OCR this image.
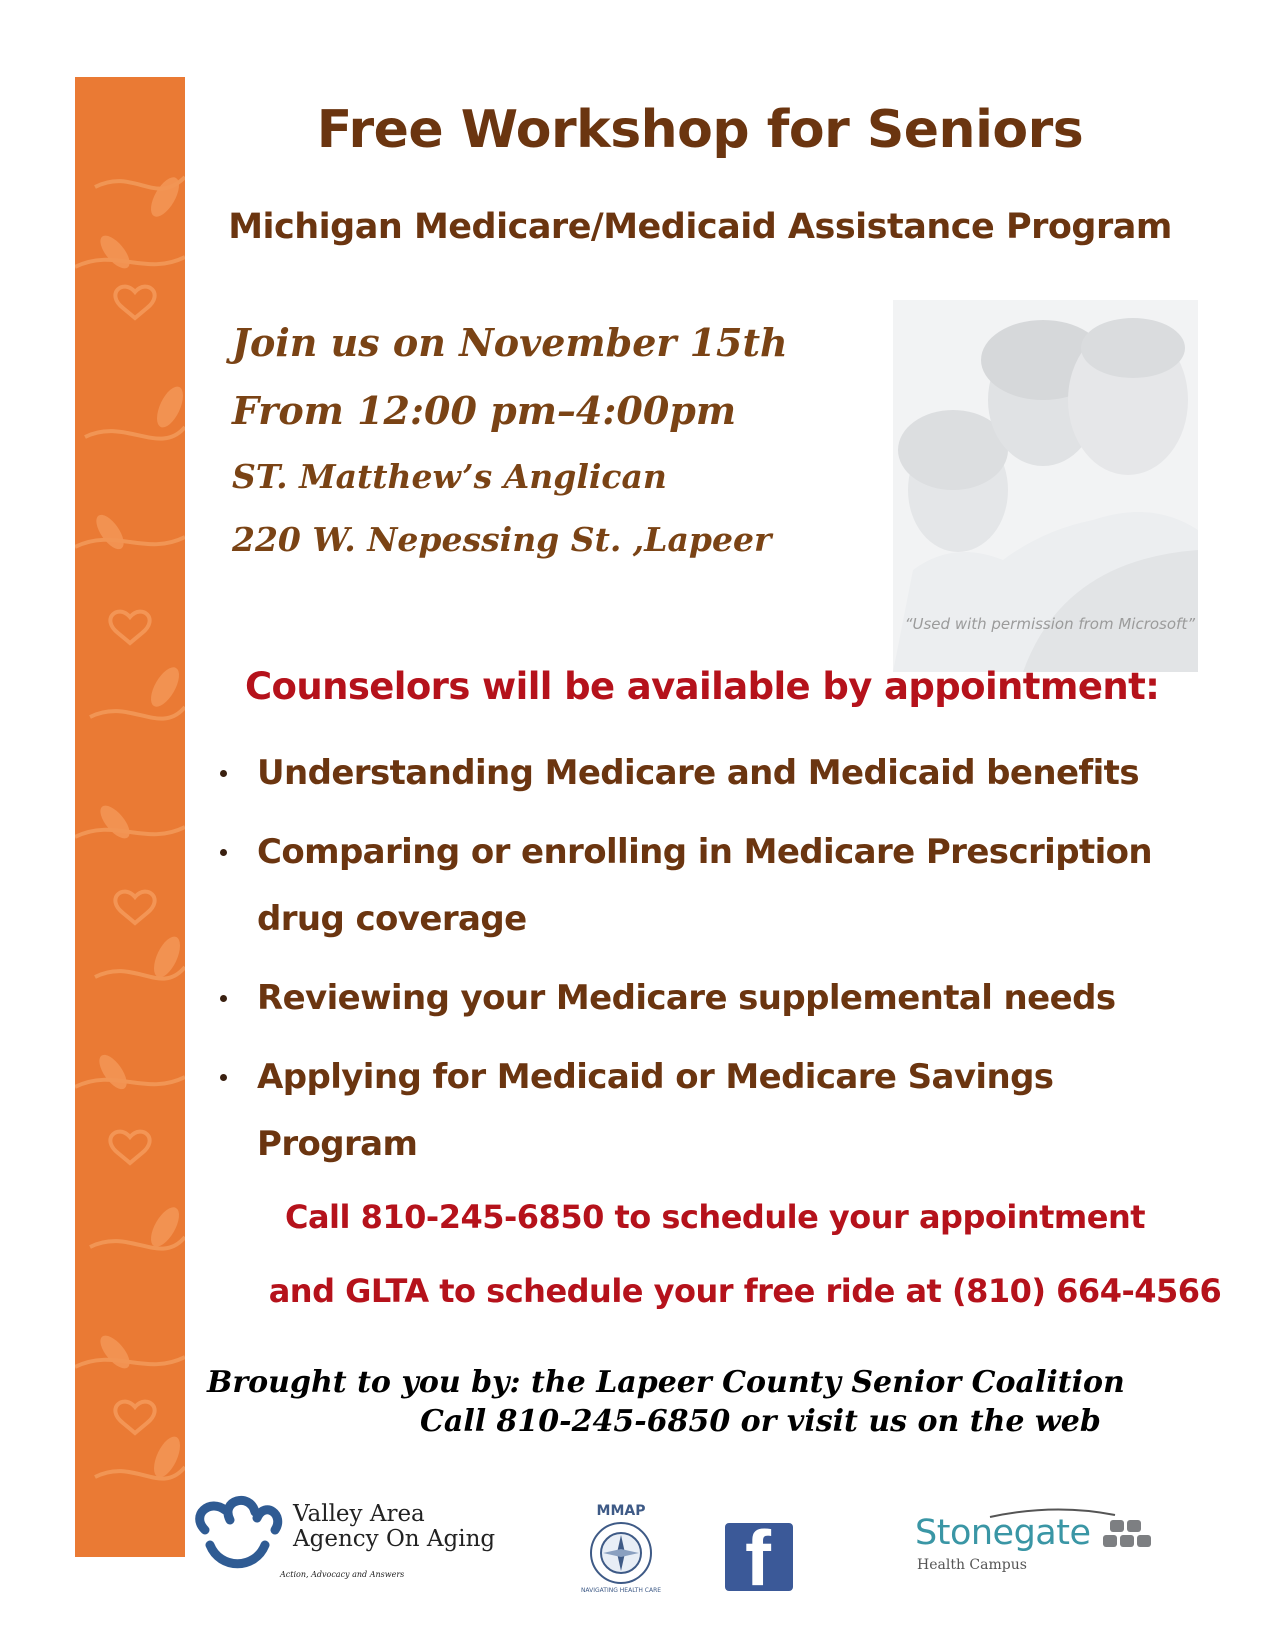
Free Workshop for Seniors
Michigan Medicare/Medicaid Assistance Program
Join us on November 15th
From 12:00 pm–4:00pm
ST. Matthew’s Anglican
220 W. Nepessing St. ,Lapeer
“Used with permission from Microsoft”
Counselors will be available by appointment:
Understanding Medicare and Medicaid benefits
Comparing or enrolling in Medicare Prescription drug coverage
Reviewing your Medicare supplemental needs
Applying for Medicaid or Medicare Savings Program
Call 810-245-6850 to schedule your appointment
and GLTA to schedule your free ride at (810) 664-4566
Brought to you by: the Lapeer County Senior Coalition
Call 810-245-6850 or visit us on the web
Valley Area
Agency On Aging
Action, Advocacy and Answers
MMAP
NAVIGATING HEALTH CARE f	Stonegate
Health Campus
